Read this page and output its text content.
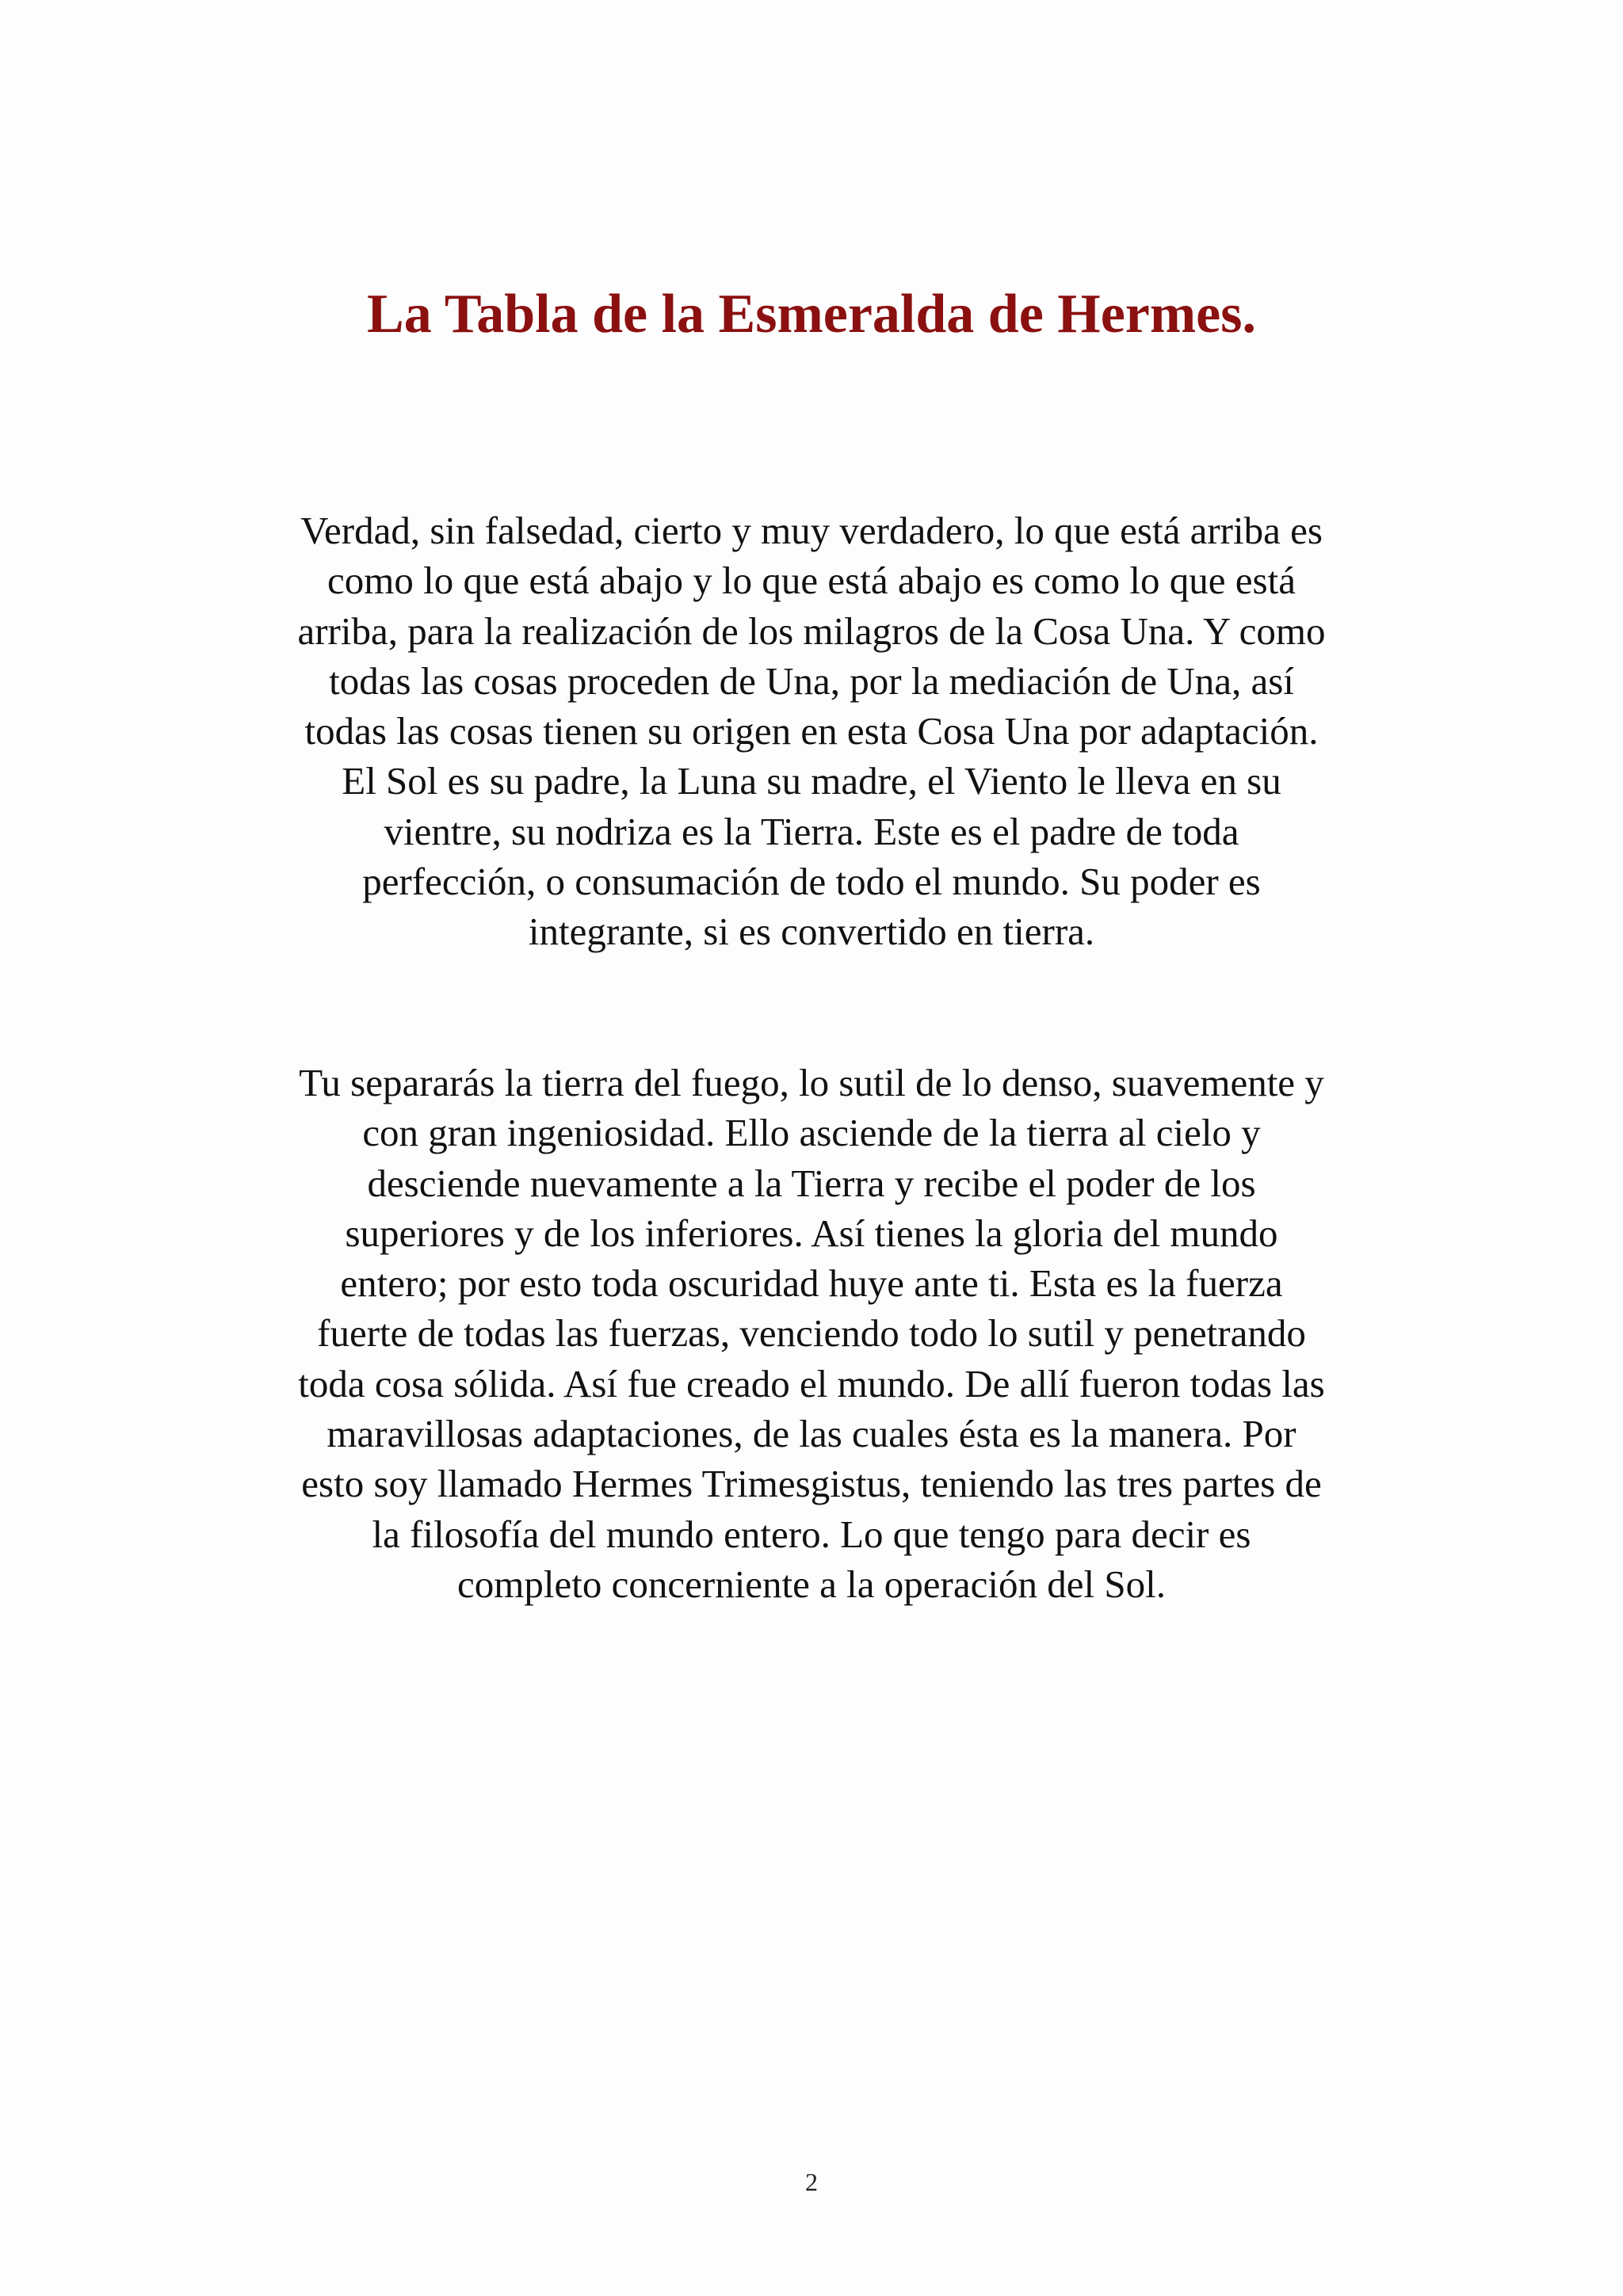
La Tabla de la Esmeralda de Hermes.
Verdad, sin falsedad, cierto y muy verdadero, lo que está arriba es
como lo que está abajo y lo que está abajo es como lo que está
arriba, para la realización de los milagros de la Cosa Una. Y como
todas las cosas proceden de Una, por la mediación de Una, así
todas las cosas tienen su origen en esta Cosa Una por adaptación.
El Sol es su padre, la Luna su madre, el Viento le lleva en su
vientre, su nodriza es la Tierra. Este es el padre de toda
perfección, o consumación de todo el mundo. Su poder es
integrante, si es convertido en tierra.
Tu separarás la tierra del fuego, lo sutil de lo denso, suavemente y
con gran ingeniosidad. Ello asciende de la tierra al cielo y
desciende nuevamente a la Tierra y recibe el poder de los
superiores y de los inferiores. Así tienes la gloria del mundo
entero; por esto toda oscuridad huye ante ti. Esta es la fuerza
fuerte de todas las fuerzas, venciendo todo lo sutil y penetrando
toda cosa sólida. Así fue creado el mundo. De allí fueron todas las
maravillosas adaptaciones, de las cuales ésta es la manera. Por
esto soy llamado Hermes Trimesgistus, teniendo las tres partes de
la filosofía del mundo entero. Lo que tengo para decir es
completo concerniente a la operación del Sol.
2
